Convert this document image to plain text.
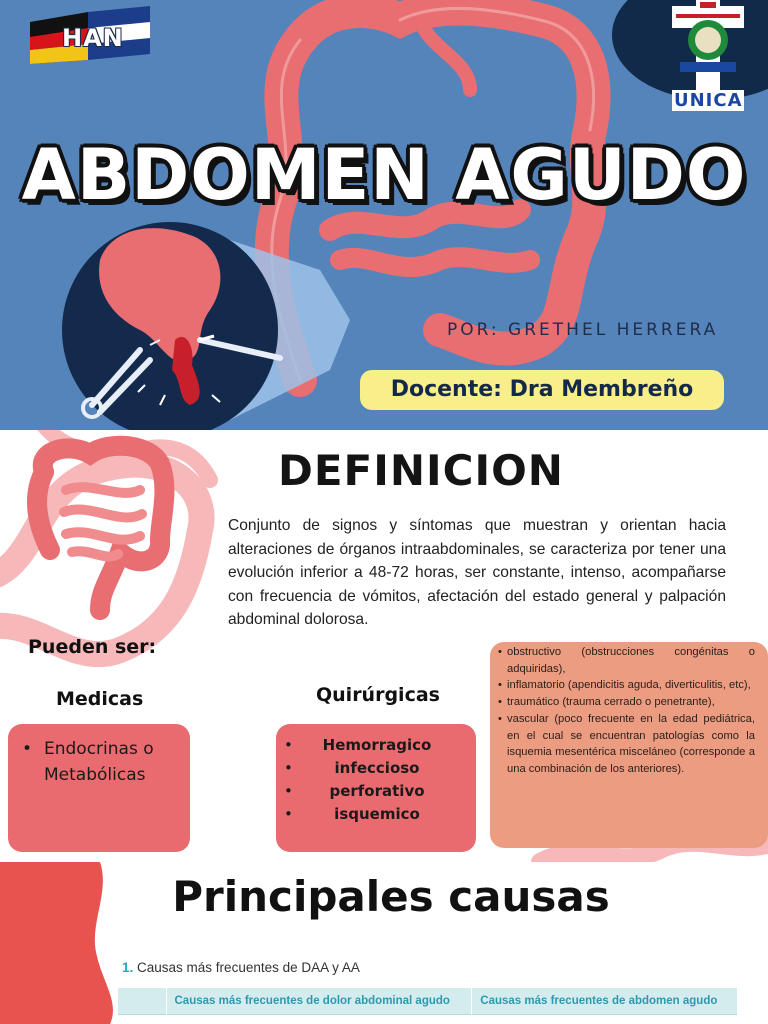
HAN
UNICA
ABDOMEN AGUDO
POR: GRETHEL HERRERA
Docente: Dra Membreño
DEFINICION

Conjunto de signos y síntomas que muestran y orientan hacia alteraciones de órganos intraabdominales, se caracteriza por tener una evolución inferior a 48-72 horas, ser constante, intenso, acompañarse con frecuencia de vómitos, afectación del estado general y palpación abdominal dolorosa.

Pueden ser:
Medicas	Quirúrgicas
• Endocrinas o Metabólicas
• Hemorragico
• infeccioso
• perforativo
• isquemico
• obstructivo (obstrucciones congénitas o adquiridas),
• inflamatorio (apendicitis aguda, diverticulitis, etc),
• traumático (trauma cerrado o penetrante),
• vascular (poco frecuente en la edad pediátrica, en el cual se encuentran patologías como la isquemia mesentérica misceláneo (corresponde a una combinación de los anteriores).
Principales causas
1. Causas más frecuentes de DAA y AA
	Causas más frecuentes de dolor abdominal agudo	Causas más frecuentes de abdomen agudo
